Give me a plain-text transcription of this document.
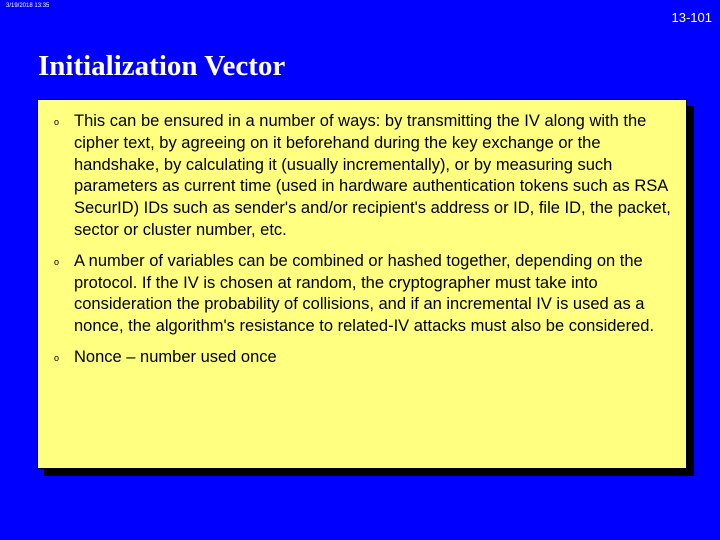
3/19/2018 13:35
13-101
Initialization Vector
o This can be ensured in a number of ways: by transmitting the IV along with the cipher text, by agreeing on it beforehand during the key exchange or the handshake, by calculating it (usually incrementally), or by measuring such parameters as current time (used in hardware authentication tokens such as RSA SecurID) IDs such as sender's and/or recipient's address or ID, file ID, the packet, sector or cluster number, etc.
o A number of variables can be combined or hashed together, depending on the protocol. If the IV is chosen at random, the cryptographer must take into consideration the probability of collisions, and if an incremental IV is used as a nonce, the algorithm's resistance to related-IV attacks must also be considered.
o Nonce – number used once
